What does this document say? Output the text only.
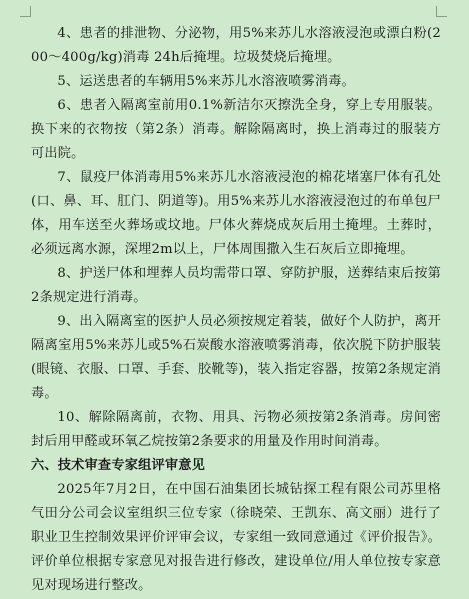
4、患者的排泄物、分泌物，用5%来苏儿水溶液浸泡或漂白粉(200～400g/kg)消毒 24h后掩埋。垃圾焚烧后掩埋。

5、运送患者的车辆用5%来苏儿水溶液喷雾消毒。

6、患者入隔离室前用0.1%新洁尔灭擦洗全身，穿上专用服装。换下来的衣物按（第2条）消毒。解除隔离时，换上消毒过的服装方可出院。

7、鼠疫尸体消毒用5%来苏儿水溶液浸泡的棉花堵塞尸体有孔处(口、鼻、耳、肛门、阴道等)。用5%来苏儿水溶液浸泡过的布单包尸体，用车送至火葬场或坟地。尸体火葬烧成灰后用土掩埋。土葬时，必须远离水源，深埋2m以上，尸体周围撒入生石灰后立即掩埋。

8、护送尸体和埋葬人员均需带口罩、穿防护服，送葬结束后按第2条规定进行消毒。

9、出入隔离室的医护人员必须按规定着装，做好个人防护，离开隔离室用5%来苏儿或5%石炭酸水溶液喷雾消毒，依次脱下防护服装(眼镜、衣服、口罩、手套、胶靴等)，装入指定容器，按第2条规定消毒。

10、解除隔离前，衣物、用具、污物必须按第2条消毒。房间密封后用甲醛或环氧乙烷按第2条要求的用量及作用时间消毒。

六、技术审查专家组评审意见

2025年7月2日，在中国石油集团长城钻探工程有限公司苏里格气田分公司会议室组织三位专家（徐晓荣、王凯东、高文丽）进行了职业卫生控制效果评价评审会议，专家组一致同意通过《评价报告》。评价单位根据专家意见对报告进行修改，建设单位/用人单位按专家意见对现场进行整改。
